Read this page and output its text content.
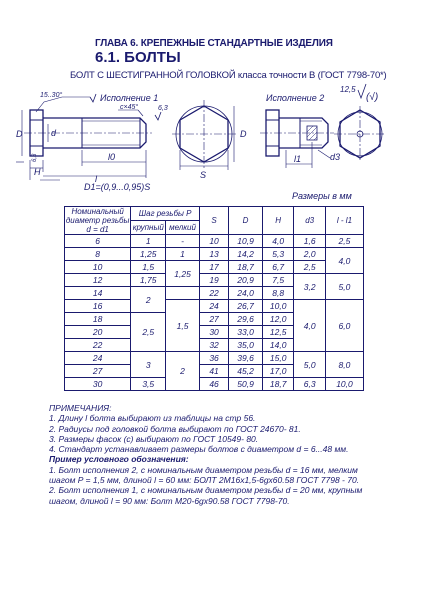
ГЛАВА 6. КРЕПЕЖНЫЕ СТАНДАРТНЫЕ ИЗДЕЛИЯ
6.1. БОЛТЫ
БОЛТ С ШЕСТИГРАННОЙ ГОЛОВКОЙ класса точности В (ГОСТ 7798-70*)
Исполнение 1
15..30°
c×45°	6,3
D	d
6,3	l0
H
l
D
S
Исполнение 2
l1	d3
12,5
(√)
D1=(0,9...0,95)S
Размеры в мм
Номинальный диаметр резьбы d = d1	Шаг резьбы P		S	D	H	d3	l - l1
	крупный	мелкий					
6	1	-	10	10,9	4,0	1,6	2,5
8	1,25	1	13	14,2	5,3	2,0	4,0
10	1,5	1,25	17	18,7	6,7	2,5	
12	1,75		19	20,9	7,5	3,2	5,0
14	2		22	24,0	8,8		
16		1,5	24	26,7	10,0	4,0	6,0
18	2,5		27	29,6	12,0		
20			30	33,0	12,5		
22			32	35,0	14,0		
24	3	2	36	39,6	15,0	5,0	8,0
27			41	45,2	17,0		
30	3,5		46	50,9	18,7	6,3	10,0

ПРИМЕЧАНИЯ:

1. Длину l болта выбирают из таблицы на стр 56.
2. Радиусы под головкой болта выбирают по ГОСТ 24670- 81.
3. Размеры фасок (с) выбирают по ГОСТ 10549- 80.
4. Стандарт устанавливает размеры болтов с диаметром d = 6...48 мм.

Пример условного обозначения:

1. Болт исполнения 2, с номинальным диаметром резьбы d = 16 мм, мелким шагом P = 1,5 мм, длиной l = 60 мм: БОЛТ 2М16х1,5-6gх60.58 ГОСТ 7798 - 70.

2. Болт исполнения 1, с номинальным диаметром резьбы d = 20 мм, крупным шагом, длиной l = 90 мм: Болт М20-6gх90.58 ГОСТ 7798-70.
